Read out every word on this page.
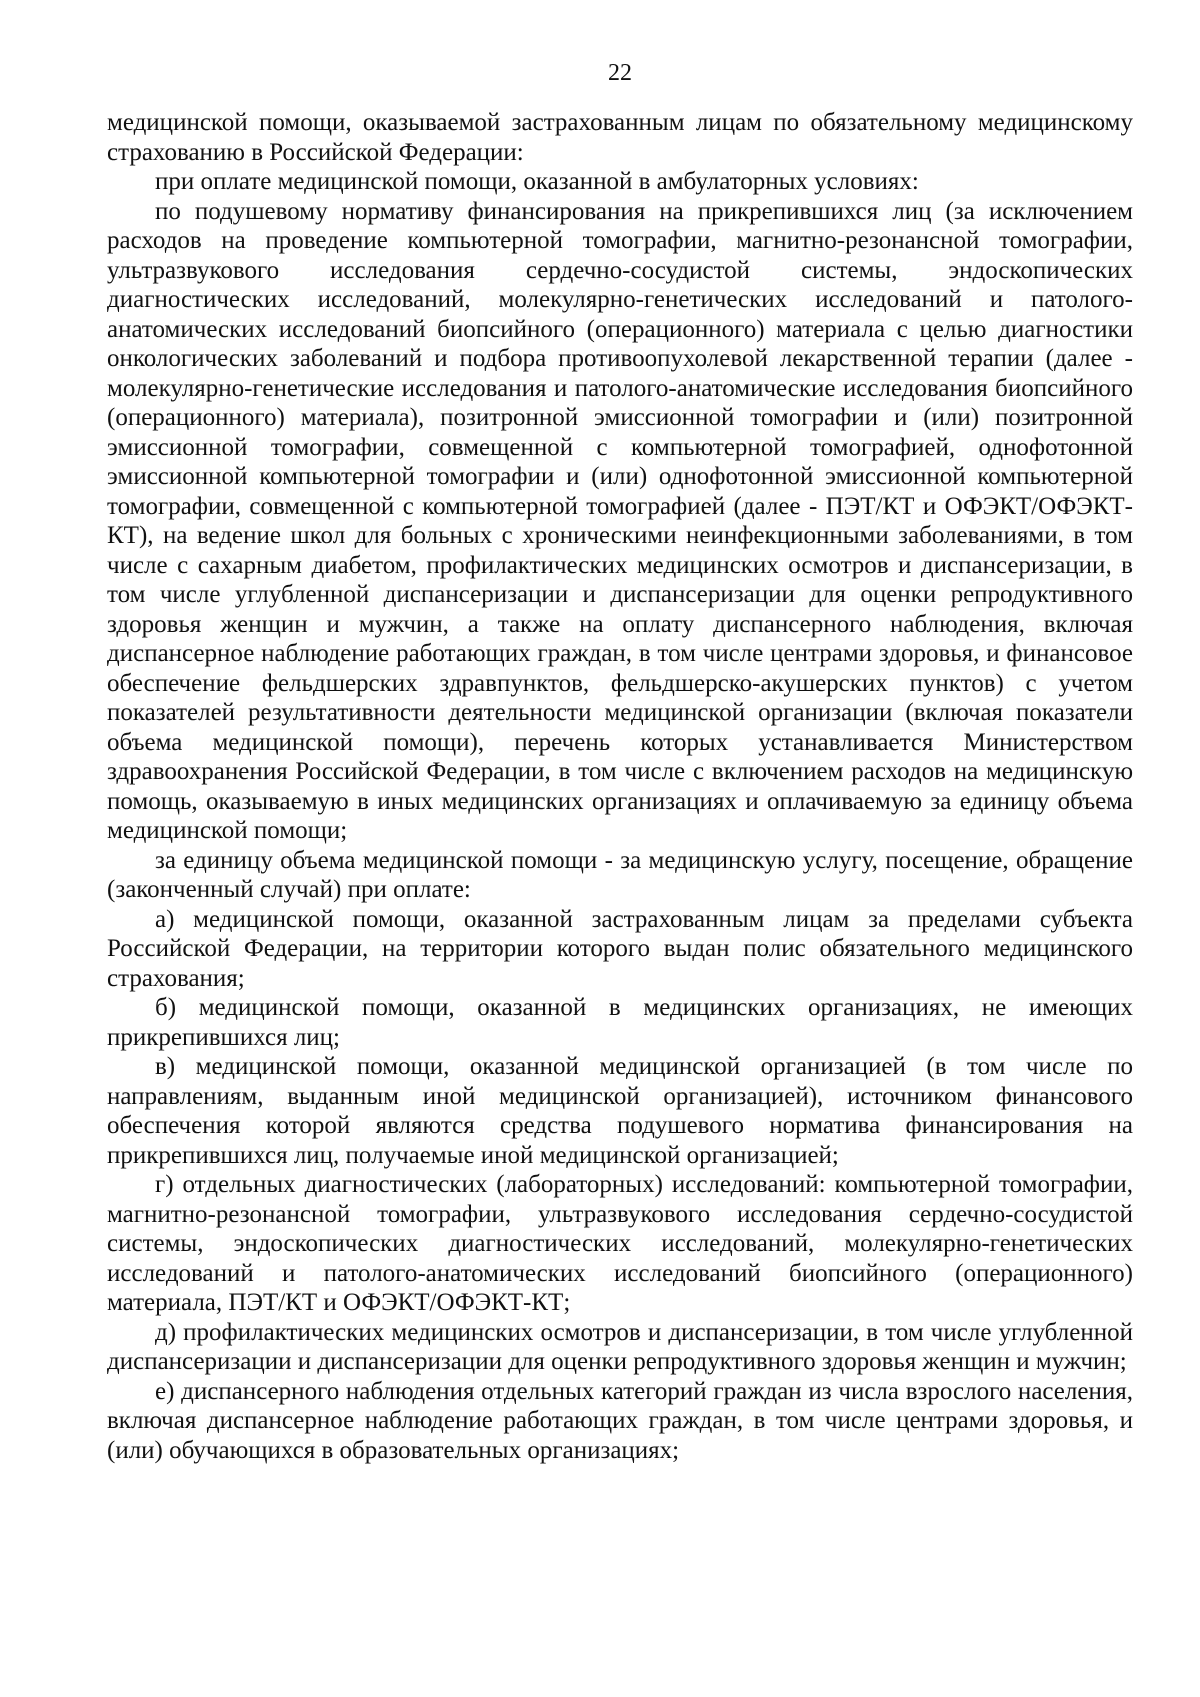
22

медицинской помощи, оказываемой застрахованным лицам по обязательному медицинскому страхованию в Российской Федерации:

при оплате медицинской помощи, оказанной в амбулаторных условиях:

по подушевому нормативу финансирования на прикрепившихся лиц (за исключением расходов на проведение компьютерной томографии, магнитно-резонансной томографии, ультразвукового исследования сердечно-сосудистой системы, эндоскопических диагностических исследований, молекулярно-генетических исследований и патолого-анатомических исследований биопсийного (операционного) материала с целью диагностики онкологических заболеваний и подбора противоопухолевой лекарственной терапии (далее - молекулярно-генетические исследования и патолого-анатомические исследования биопсийного (операционного) материала), позитронной эмиссионной томографии и (или) позитронной эмиссионной томографии, совмещенной с компьютерной томографией, однофотонной эмиссионной компьютерной томографии и (или) однофотонной эмиссионной компьютерной томографии, совмещенной с компьютерной томографией (далее - ПЭТ/КТ и ОФЭКТ/ОФЭКТ-КТ), на ведение школ для больных с хроническими неинфекционными заболеваниями, в том числе с сахарным диабетом, профилактических медицинских осмотров и диспансеризации, в том числе углубленной диспансеризации и диспансеризации для оценки репродуктивного здоровья женщин и мужчин, а также на оплату диспансерного наблюдения, включая диспансерное наблюдение работающих граждан, в том числе центрами здоровья, и финансовое обеспечение фельдшерских здравпунктов, фельдшерско-акушерских пунктов) с учетом показателей результативности деятельности медицинской организации (включая показатели объема медицинской помощи), перечень которых устанавливается Министерством здравоохранения Российской Федерации, в том числе с включением расходов на медицинскую помощь, оказываемую в иных медицинских организациях и оплачиваемую за единицу объема медицинской помощи;

за единицу объема медицинской помощи - за медицинскую услугу, посещение, обращение (законченный случай) при оплате:

а) медицинской помощи, оказанной застрахованным лицам за пределами субъекта Российской Федерации, на территории которого выдан полис обязательного медицинского страхования;

б) медицинской помощи, оказанной в медицинских организациях, не имеющих прикрепившихся лиц;

в) медицинской помощи, оказанной медицинской организацией (в том числе по направлениям, выданным иной медицинской организацией), источником финансового обеспечения которой являются средства подушевого норматива финансирования на прикрепившихся лиц, получаемые иной медицинской организацией;

г) отдельных диагностических (лабораторных) исследований: компьютерной томографии, магнитно-резонансной томографии, ультразвукового исследования сердечно-сосудистой системы, эндоскопических диагностических исследований, молекулярно-генетических исследований и патолого-анатомических исследований биопсийного (операционного) материала, ПЭТ/КТ и ОФЭКТ/ОФЭКТ-КТ;

д) профилактических медицинских осмотров и диспансеризации, в том числе углубленной диспансеризации и диспансеризации для оценки репродуктивного здоровья женщин и мужчин;

е) диспансерного наблюдения отдельных категорий граждан из числа взрослого населения, включая диспансерное наблюдение работающих граждан, в том числе центрами здоровья, и (или) обучающихся в образовательных организациях;
